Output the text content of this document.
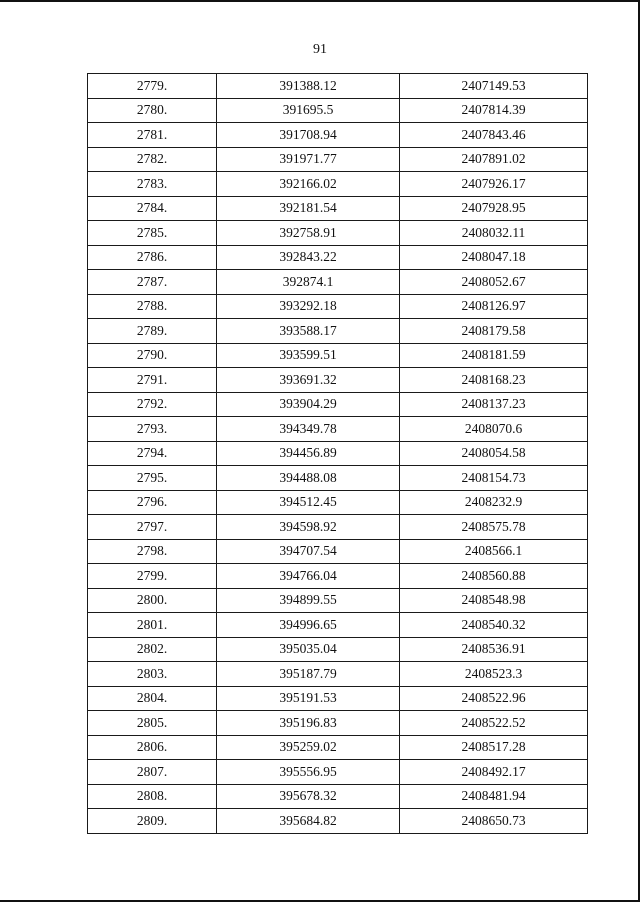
91
2779.	391388.12	2407149.53
2780.	391695.5	2407814.39
2781.	391708.94	2407843.46
2782.	391971.77	2407891.02
2783.	392166.02	2407926.17
2784.	392181.54	2407928.95
2785.	392758.91	2408032.11
2786.	392843.22	2408047.18
2787.	392874.1	2408052.67
2788.	393292.18	2408126.97
2789.	393588.17	2408179.58
2790.	393599.51	2408181.59
2791.	393691.32	2408168.23
2792.	393904.29	2408137.23
2793.	394349.78	2408070.6
2794.	394456.89	2408054.58
2795.	394488.08	2408154.73
2796.	394512.45	2408232.9
2797.	394598.92	2408575.78
2798.	394707.54	2408566.1
2799.	394766.04	2408560.88
2800.	394899.55	2408548.98
2801.	394996.65	2408540.32
2802.	395035.04	2408536.91
2803.	395187.79	2408523.3
2804.	395191.53	2408522.96
2805.	395196.83	2408522.52
2806.	395259.02	2408517.28
2807.	395556.95	2408492.17
2808.	395678.32	2408481.94
2809.	395684.82	2408650.73
